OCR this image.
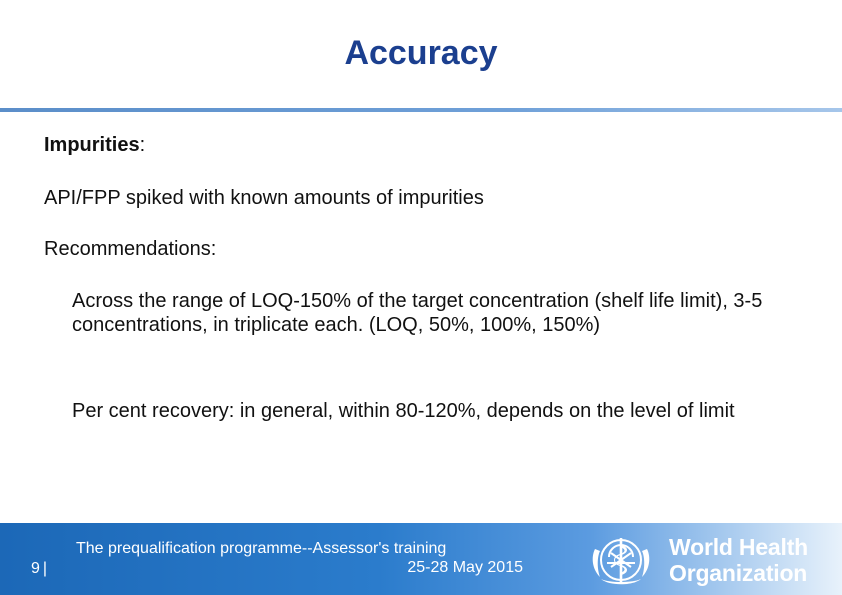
Accuracy
Impurities:
API/FPP spiked with known amounts of impurities
Recommendations:
Across the range of LOQ-150% of the target concentration (shelf life limit), 3-5 concentrations, in triplicate each. (LOQ, 50%, 100%, 150%)
Per cent recovery: in general, within 80-120%, depends on the level of limit
9 |
The prequalification programme--Assessor's training
25-28 May 2015
World Health
Organization
